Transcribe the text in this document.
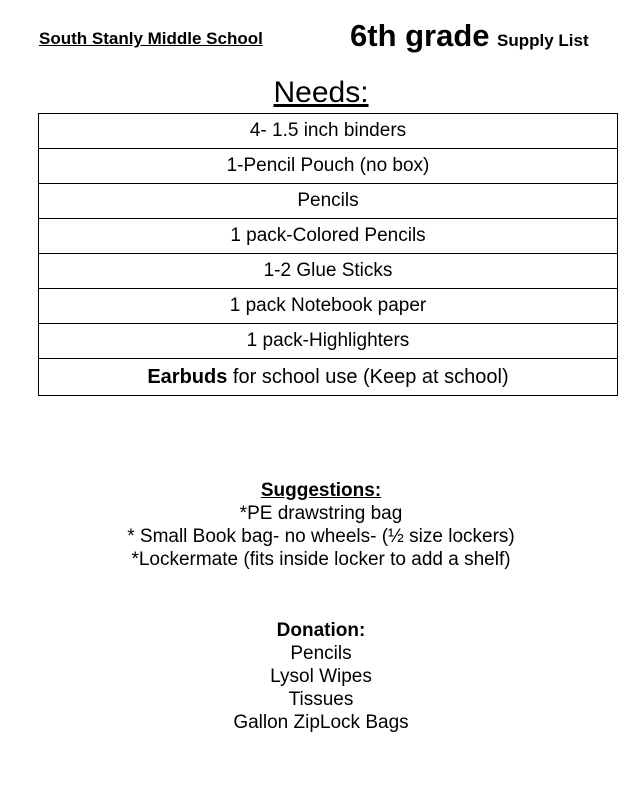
South Stanly Middle School	6th grade Supply List
Needs:
4- 1.5 inch binders
1-Pencil Pouch (no box)
Pencils
1 pack-Colored Pencils
1-2 Glue Sticks
1 pack Notebook paper
1 pack-Highlighters
Earbuds for school use (Keep at school)
Suggestions:
*PE drawstring bag
* Small Book bag- no wheels- (½ size lockers)
*Lockermate (fits inside locker to add a shelf)
Donation:
Pencils
Lysol Wipes
Tissues
Gallon ZipLock Bags
